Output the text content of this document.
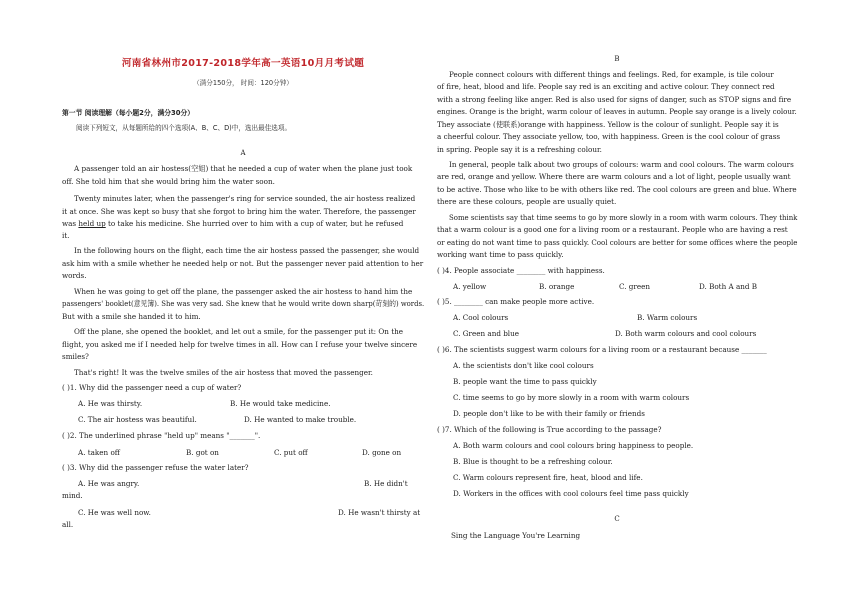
河南省林州市2017-2018学年高一英语10月月考试题
（满分150分， 时间：120分钟）
第一节 阅读理解（每小题2分，满分30分）
阅读下列短文，从每题所给的四个选项(A、B、C、D)中，选出最佳选项。
A
A passenger told an air hostess(空姐) that he needed a cup of water when the plane just took
off. She told him that she would bring him the water soon.
Twenty minutes later, when the passenger's ring for service sounded, the air hostess realized
it at once. She was kept so busy that she forgot to bring him the water. Therefore, the passenger
was held up to take his medicine. She hurried over to him with a cup of water, but he refused
it.
In the following hours on the flight, each time the air hostess passed the passenger, she would
ask him with a smile whether he needed help or not. But the passenger never paid attention to her
words.
When he was going to get off the plane, the passenger asked the air hostess to hand him the
passengers' booklet(意见簿). She was very sad. She knew that he would write down sharp(苛刻的) words.
But with a smile she handed it to him.
Off the plane, she opened the booklet, and let out a smile, for the passenger put it: On the
flight, you asked me if I needed help for twelve times in all. How can I refuse your twelve sincere
smiles?
That's right! It was the twelve smiles of the air hostess that moved the passenger.
( )1. Why did the passenger need a cup of water?
A. He was thirsty.	B. He would take medicine.
C. The air hostess was beautiful.	D. He wanted to make trouble.
( )2. The underlined phrase "held up" means "_______".
A. taken off	B. got on	C. put off	D. gone on
( )3. Why did the passenger refuse the water later?
A. He was angry.	B. He didn't
mind.
C. He was well now.	D. He wasn't thirsty at
all.
B
People connect colours with different things and feelings. Red, for example, is tile colour
of fire, heat, blood and life. People say red is an exciting and active colour. They connect red
with a strong feeling like anger. Red is also used for signs of danger, such as STOP signs and fire
engines. Orange is the bright, warm colour of leaves in autumn. People say orange is a lively colour.
They associate (使联系)orange with happiness. Yellow is the colour of sunlight. People say it is
a cheerful colour. They associate yellow, too, with happiness. Green is the cool colour of grass
in spring. People say it is a refreshing colour.
In general, people talk about two groups of colours: warm and cool colours. The warm colours
are red, orange and yellow. Where there are warm colours and a lot of light, people usually want
to be active. Those who like to be with others like red. The cool colours are green and blue. Where
there are these colours, people are usually quiet.
Some scientists say that time seems to go by more slowly in a room with warm colours. They think
that a warm colour is a good one for a living room or a restaurant. People who are having a rest
or eating do not want time to pass quickly. Cool colours are better for some offices where the people
working want time to pass quickly.
( )4. People associate ________ with happiness.
A. yellow	B. orange	C. green	D. Both A and B
( )5. ________ can make people more active.
A. Cool colours	B. Warm colours
C. Green and blue	D. Both warm colours and cool colours
( )6. The scientists suggest warm colours for a living room or a restaurant because _______
A. the scientists don't like cool colours
B. people want the time to pass quickly
C. time seems to go by more slowly in a room with warm colours
D. people don't like to be with their family or friends
( )7. Which of the following is True according to the passage?
A. Both warm colours and cool colours bring happiness to people.
B. Blue is thought to be a refreshing colour.
C. Warm colours represent fire, heat, blood and life.
D. Workers in the offices with cool colours feel time pass quickly
C
Sing the Language You're Learning
